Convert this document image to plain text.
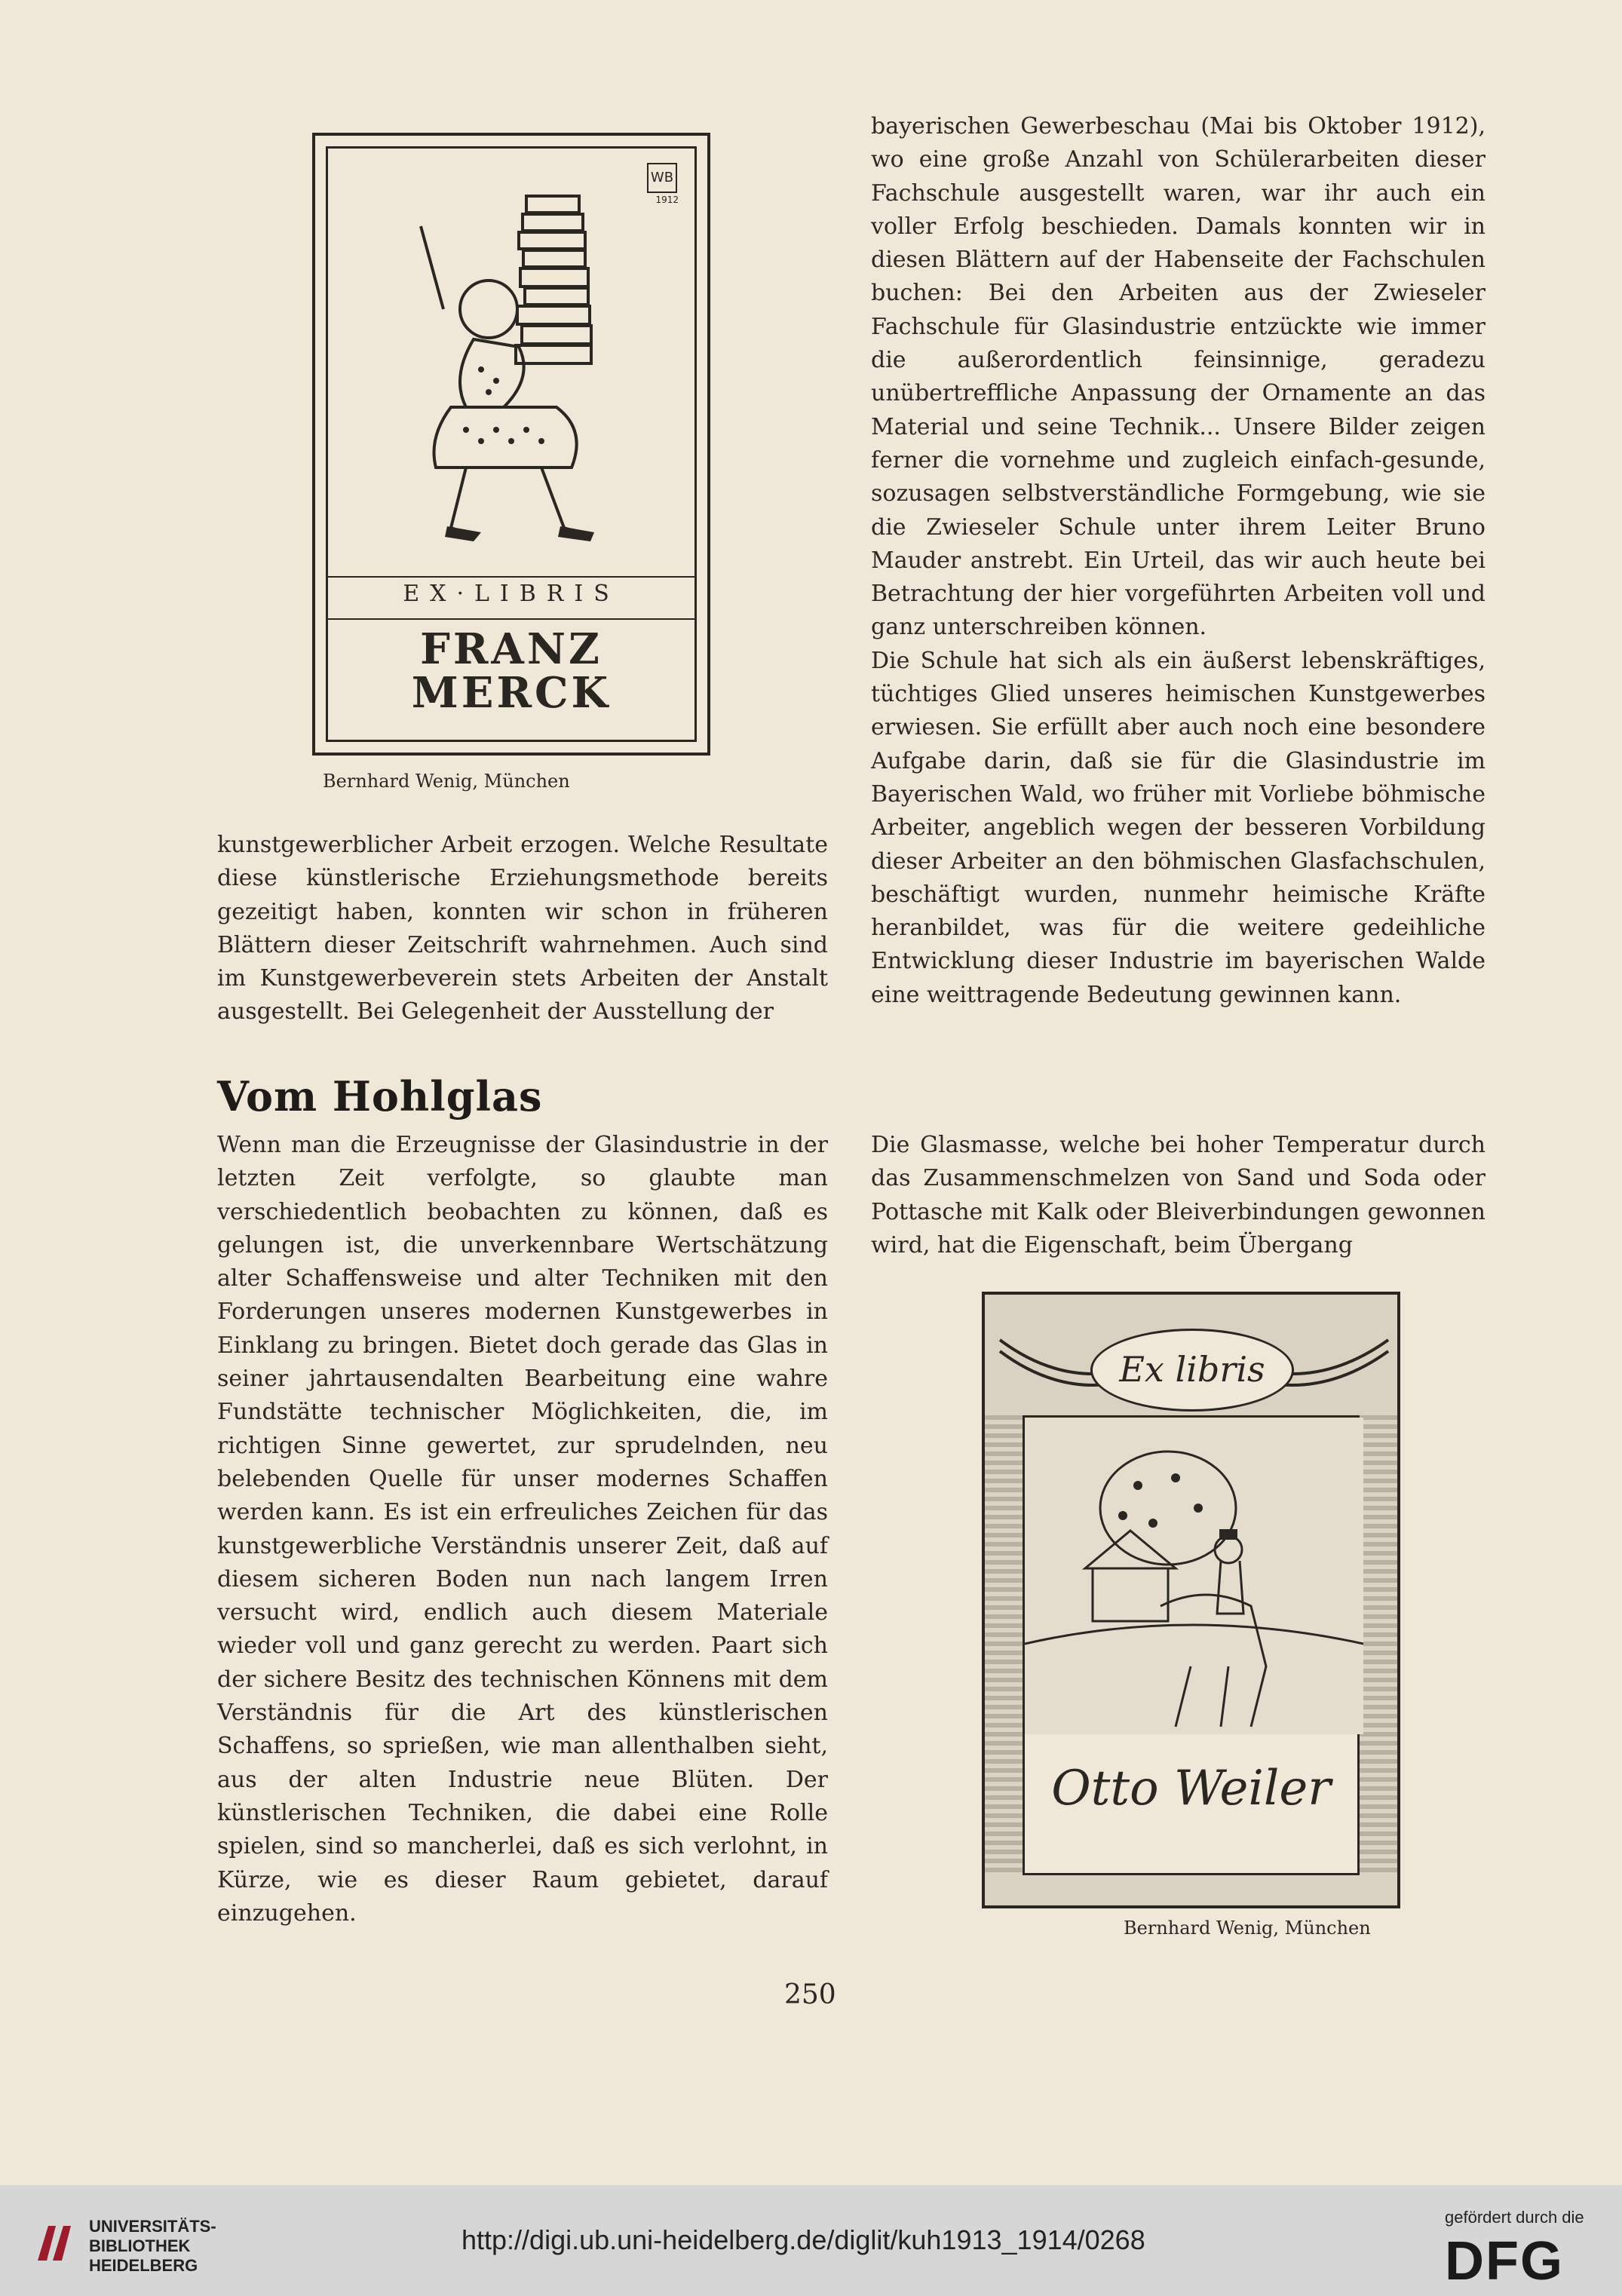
WB
1912
EX·LIBRIS
FRANZ
MERCK
Bernhard Wenig, München

bayerischen Gewerbeschau (Mai bis Oktober 1912), wo eine große Anzahl von Schülerarbeiten dieser Fachschule ausgestellt waren, war ihr auch ein voller Erfolg beschieden. Damals konnten wir in diesen Blättern auf der Habenseite der Fachschulen buchen: Bei den Arbeiten aus der Zwieseler Fachschule für Glasindustrie entzückte wie immer die außerordentlich feinsinnige, geradezu unübertreffliche Anpassung der Ornamente an das Material und seine Technik... Unsere Bilder zeigen ferner die vornehme und zugleich einfach-gesunde, sozusagen selbstverständliche Formgebung, wie sie die Zwieseler Schule unter ihrem Leiter Bruno Mauder anstrebt. Ein Urteil, das wir auch heute bei Betrachtung der hier vorgeführten Arbeiten voll und ganz unterschreiben können.

Die Schule hat sich als ein äußerst lebenskräftiges, tüchtiges Glied unseres heimischen Kunstgewerbes erwiesen. Sie erfüllt aber auch noch eine besondere Aufgabe darin, daß sie für die Glasindustrie im Bayerischen Wald, wo früher mit Vorliebe böhmische Arbeiter, angeblich wegen der besseren Vorbildung dieser Arbeiter an den böhmischen Glasfachschulen, beschäftigt wurden, nunmehr heimische Kräfte heranbildet, was für die weitere gedeihliche Entwicklung dieser Industrie im bayerischen Walde eine weittragende Bedeutung gewinnen kann.

kunstgewerblicher Arbeit erzogen. Welche Resultate diese künstlerische Erziehungsmethode bereits gezeitigt haben, konnten wir schon in früheren Blättern dieser Zeitschrift wahrnehmen. Auch sind im Kunstgewerbeverein stets Arbeiten der Anstalt ausgestellt. Bei Gelegenheit der Ausstellung der

Vom Hohlglas

Wenn man die Erzeugnisse der Glasindustrie in der letzten Zeit verfolgte, so glaubte man verschiedentlich beobachten zu können, daß es gelungen ist, die unverkennbare Wertschätzung alter Schaffensweise und alter Techniken mit den Forderungen unseres modernen Kunstgewerbes in Einklang zu bringen. Bietet doch gerade das Glas in seiner jahrtausendalten Bearbeitung eine wahre Fundstätte technischer Möglichkeiten, die, im richtigen Sinne gewertet, zur sprudelnden, neu belebenden Quelle für unser modernes Schaffen werden kann. Es ist ein erfreuliches Zeichen für das kunstgewerbliche Verständnis unserer Zeit, daß auf diesem sicheren Boden nun nach langem Irren versucht wird, endlich auch diesem Materiale wieder voll und ganz gerecht zu werden. Paart sich der sichere Besitz des technischen Könnens mit dem Verständnis für die Art des künstlerischen Schaffens, so sprießen, wie man allenthalben sieht, aus der alten Industrie neue Blüten. Der künstlerischen Techniken, die dabei eine Rolle spielen, sind so mancherlei, daß es sich verlohnt, in Kürze, wie es dieser Raum gebietet, darauf einzugehen.

Die Glasmasse, welche bei hoher Temperatur durch das Zusammenschmelzen von Sand und Soda oder Pottasche mit Kalk oder Bleiverbindungen gewonnen wird, hat die Eigenschaft, beim Übergang

Ex libris
Otto Weiler
Bernhard Wenig, München
250
UNIVERSITÄTS-
BIBLIOTHEK
HEIDELBERG
http://digi.ub.uni-heidelberg.de/diglit/kuh1913_1914/0268
gefördert durch die
DFG
